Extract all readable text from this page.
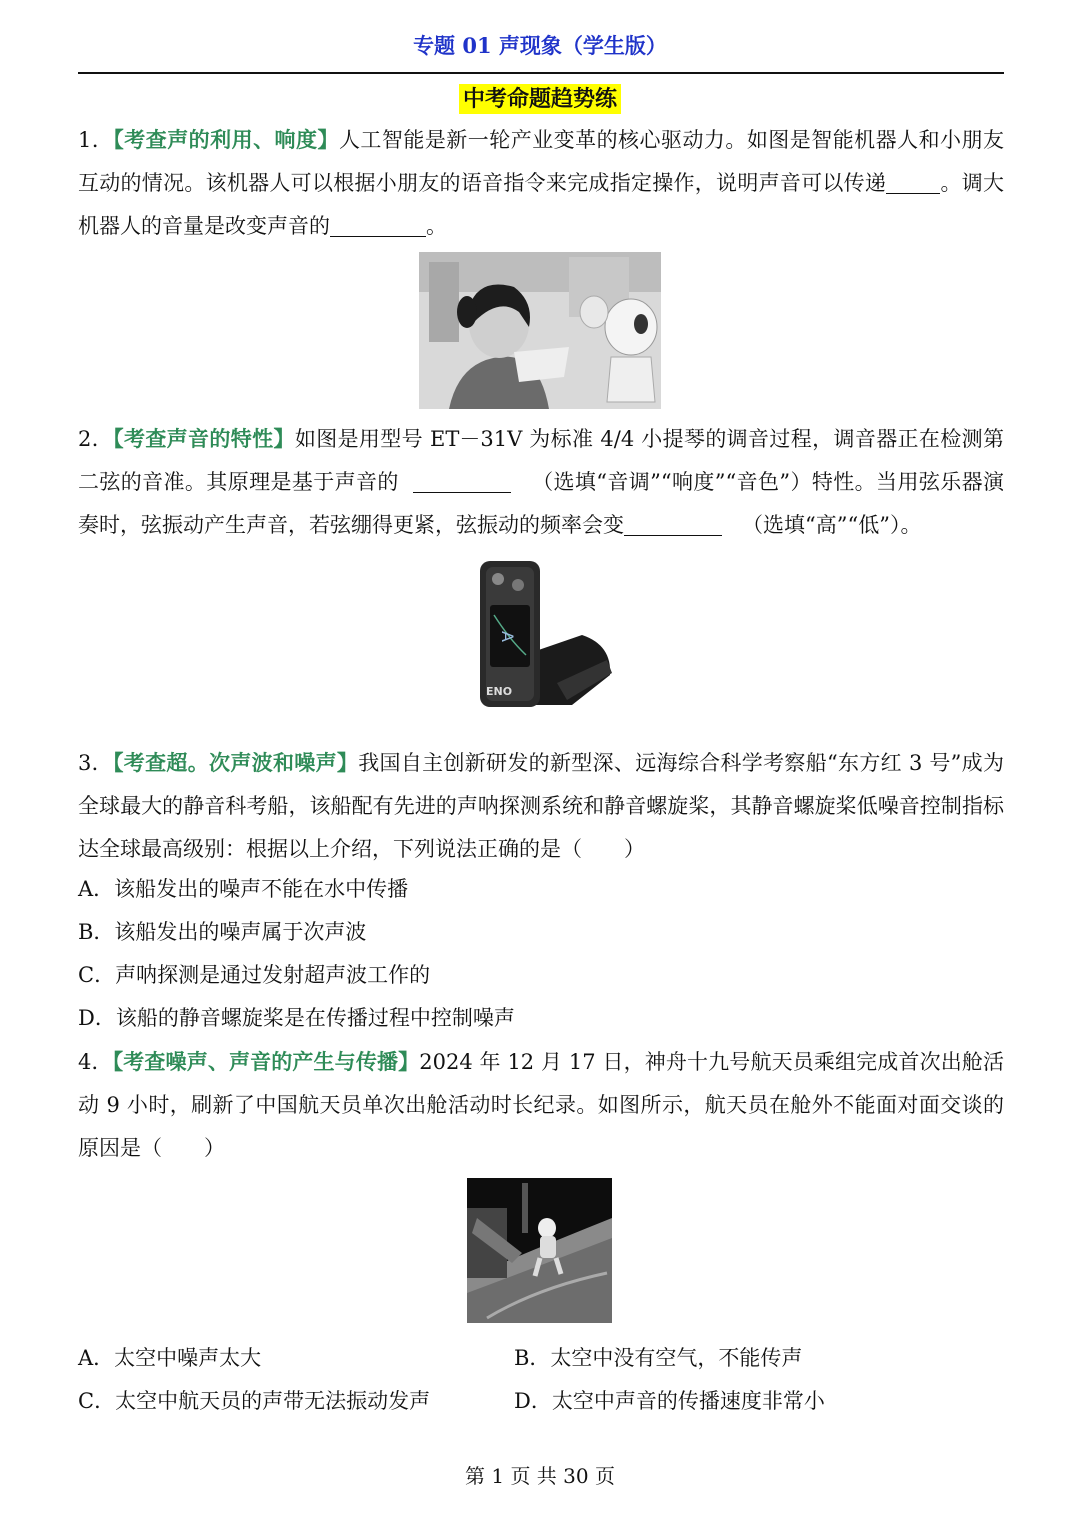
专题 01 声现象（学生版）
中考命题趋势练
1．【考查声的利用、响度】人工智能是新一轮产业变革的核心驱动力。如图是智能机器人和小朋友互动的情况。该机器人可以根据小朋友的语音指令来完成指定操作，说明声音可以传递	。调大机器人的音量是改变声音的	。
2．【考查声音的特性】如图是用型号 ET－31V 为标准 4/4 小提琴的调音过程，调音器正在检测第二弦的音准。其原理是基于声音的	（选填“音调”“响度”“音色”）特性。当用弦乐器演奏时，弦振动产生声音，若弦绷得更紧，弦振动的频率会变	（选填“高”“低”）。
A
ENO
3．【考查超。次声波和噪声】我国自主创新研发的新型深、远海综合科学考察船“东方红 3 号”成为全球最大的静音科考船，该船配有先进的声呐探测系统和静音螺旋桨，其静音螺旋桨低噪音控制指标达全球最高级别：根据以上介绍，下列说法正确的是（　　）
A．该船发出的噪声不能在水中传播
B．该船发出的噪声属于次声波
C．声呐探测是通过发射超声波工作的
D．该船的静音螺旋桨是在传播过程中控制噪声
4．【考查噪声、声音的产生与传播】2024 年 12 月 17 日，神舟十九号航天员乘组完成首次出舱活动 9 小时，刷新了中国航天员单次出舱活动时长纪录。如图所示，航天员在舱外不能面对面交谈的原因是（　　）
A．太空中噪声太大	B．太空中没有空气，不能传声
C．太空中航天员的声带无法振动发声	D．太空中声音的传播速度非常小
第 1 页 共 30 页
